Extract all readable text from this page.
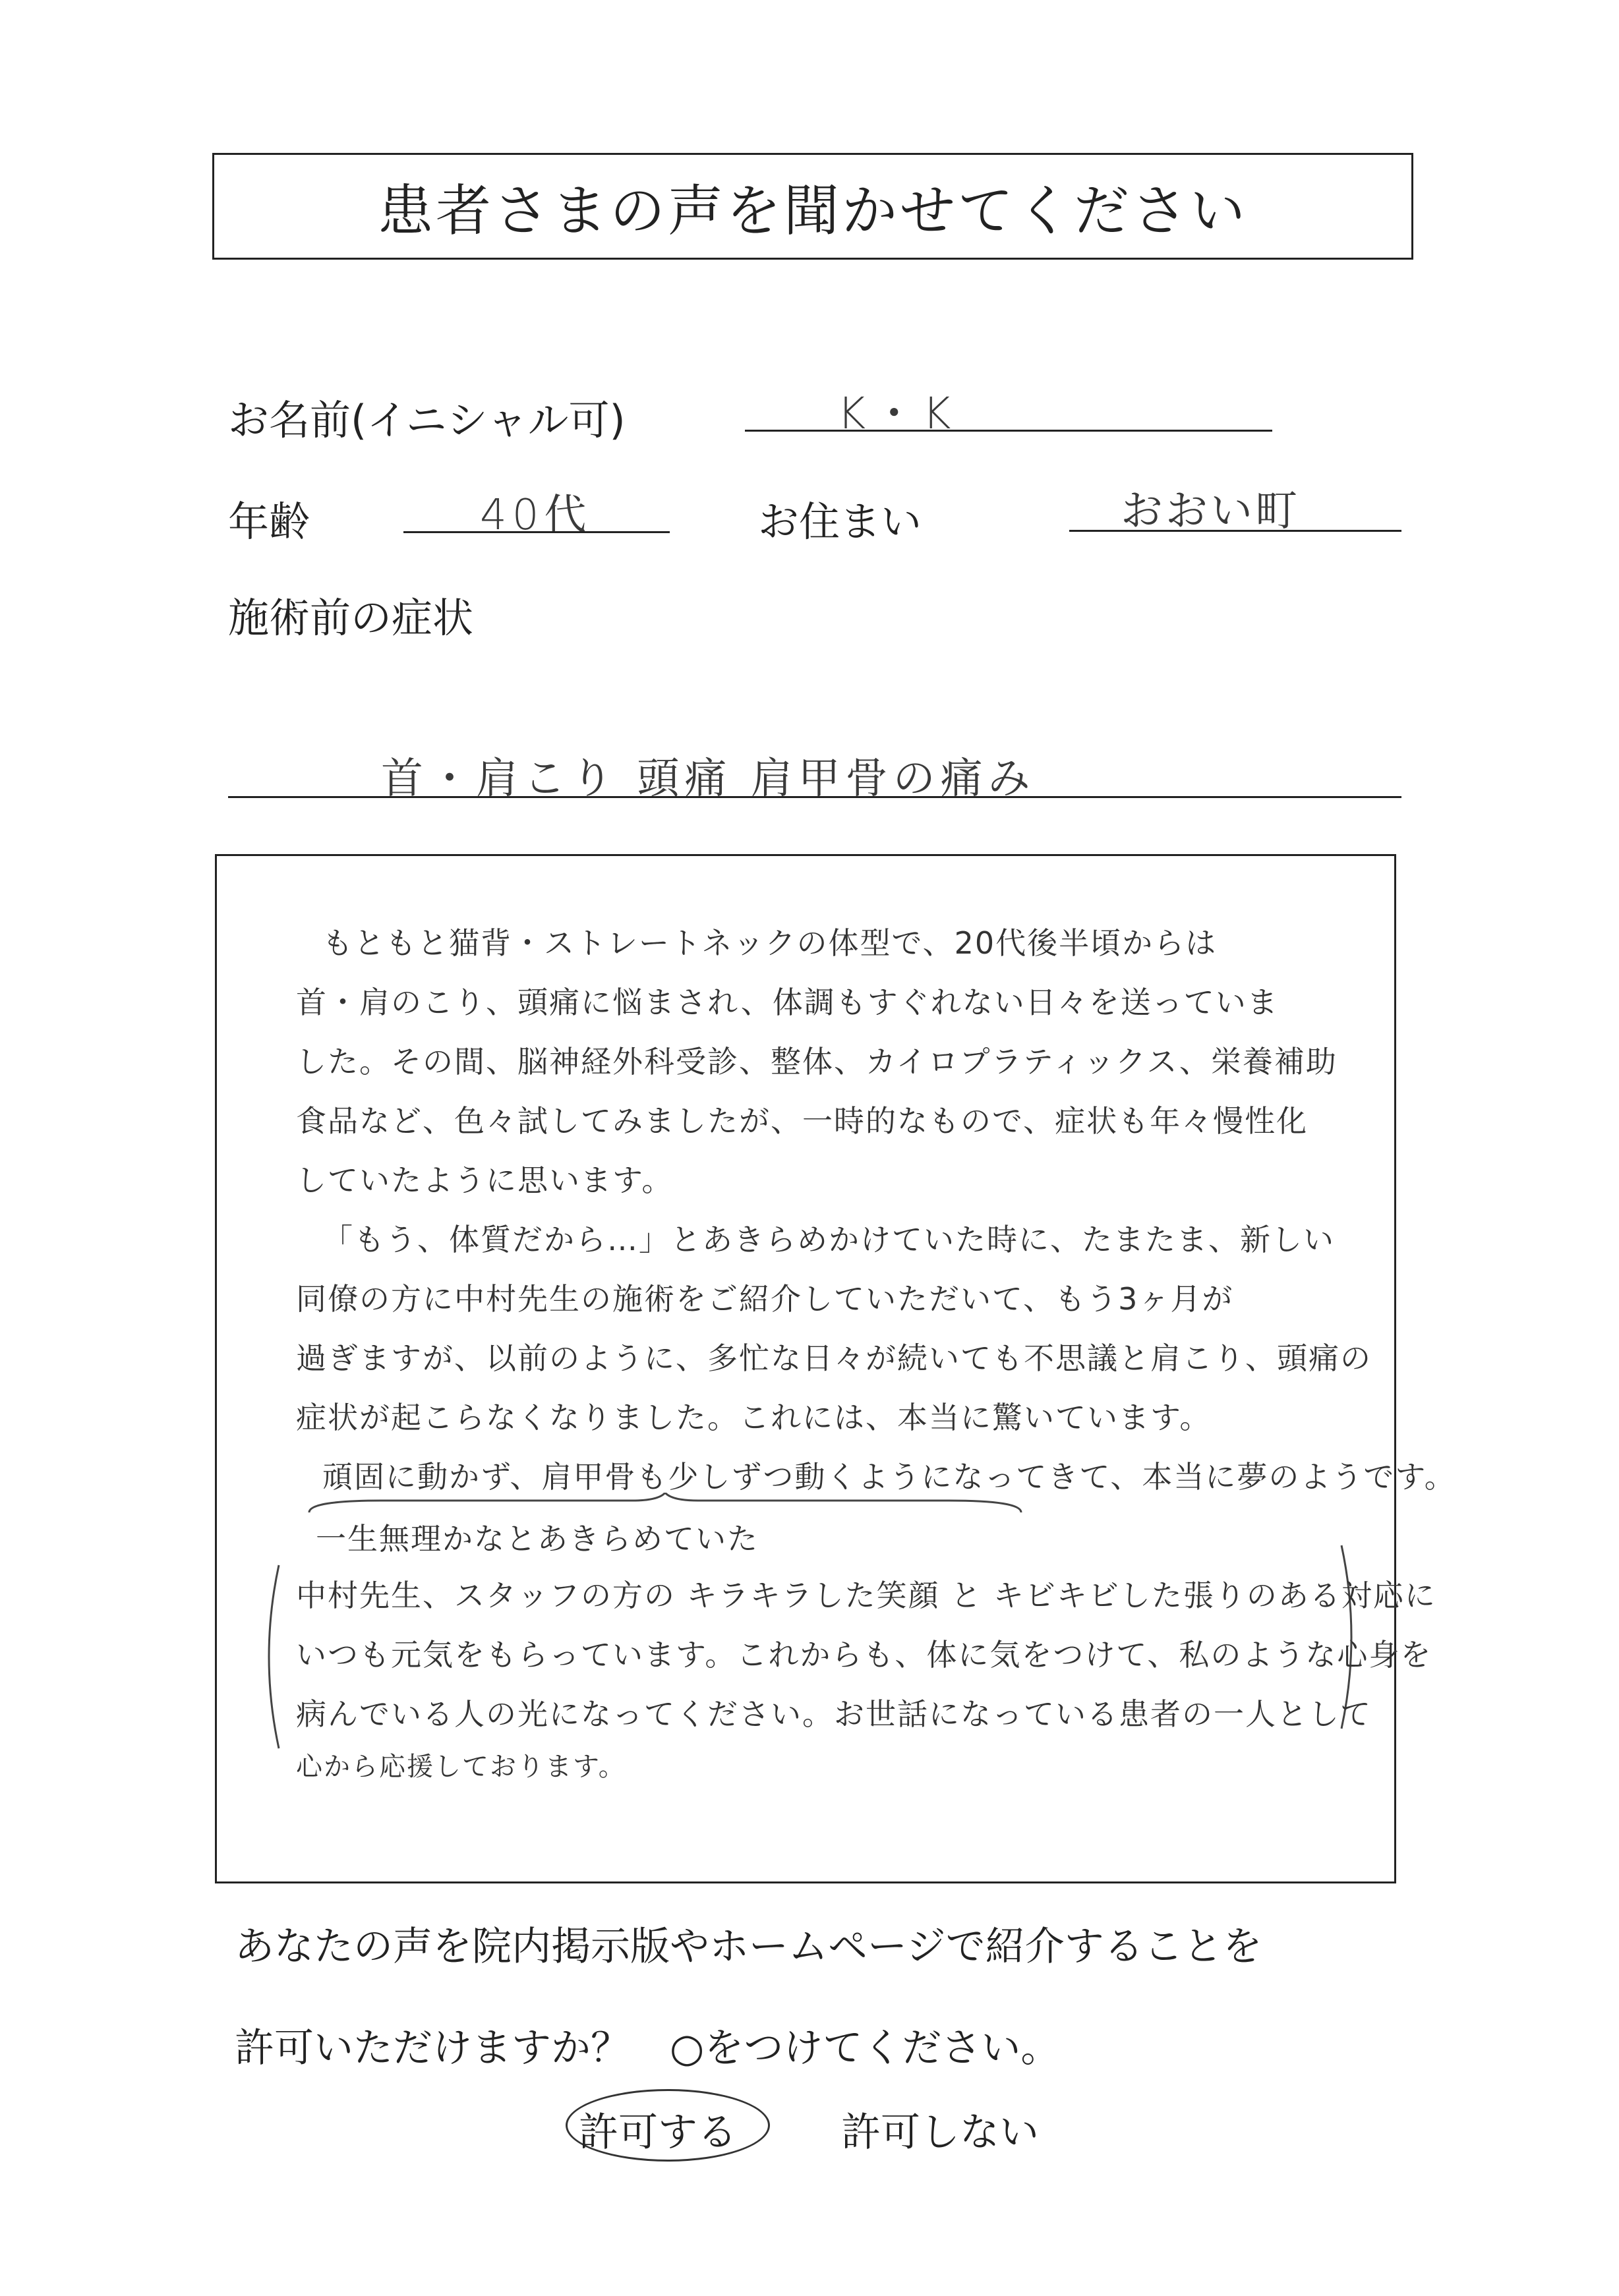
患者さまの声を聞かせてください
お名前(イニシャル可)	K・K
年齢	40代	お住まい	おおい町
施術前の症状
首・肩こり 頭痛 肩甲骨の痛み
もともと猫背・ストレートネックの体型で、20代後半頃からは
首・肩のこり、頭痛に悩まされ、体調もすぐれない日々を送っていま
した。その間、脳神経外科受診、整体、カイロプラティックス、栄養補助
食品など、色々試してみましたが、一時的なもので、症状も年々慢性化
していたように思います。
「もう、体質だから…」とあきらめかけていた時に、たまたま、新しい
同僚の方に中村先生の施術をご紹介していただいて、もう3ヶ月が
過ぎますが、以前のように、多忙な日々が続いても不思議と肩こり、頭痛の
症状が起こらなくなりました。これには、本当に驚いています。
頑固に動かず、肩甲骨も少しずつ動くようになってきて、本当に夢のようです。
一生無理かなとあきらめていた
中村先生、スタッフの方の キラキラした笑顔 と キビキビした張りのある対応に
いつも元気をもらっています。これからも、体に気をつけて、私のような心身を
病んでいる人の光になってください。お世話になっている患者の一人として
心から応援しております。
あなたの声を院内掲示版やホームページで紹介することを
許可いただけますか？　○をつけてください。
許可する	許可しない
